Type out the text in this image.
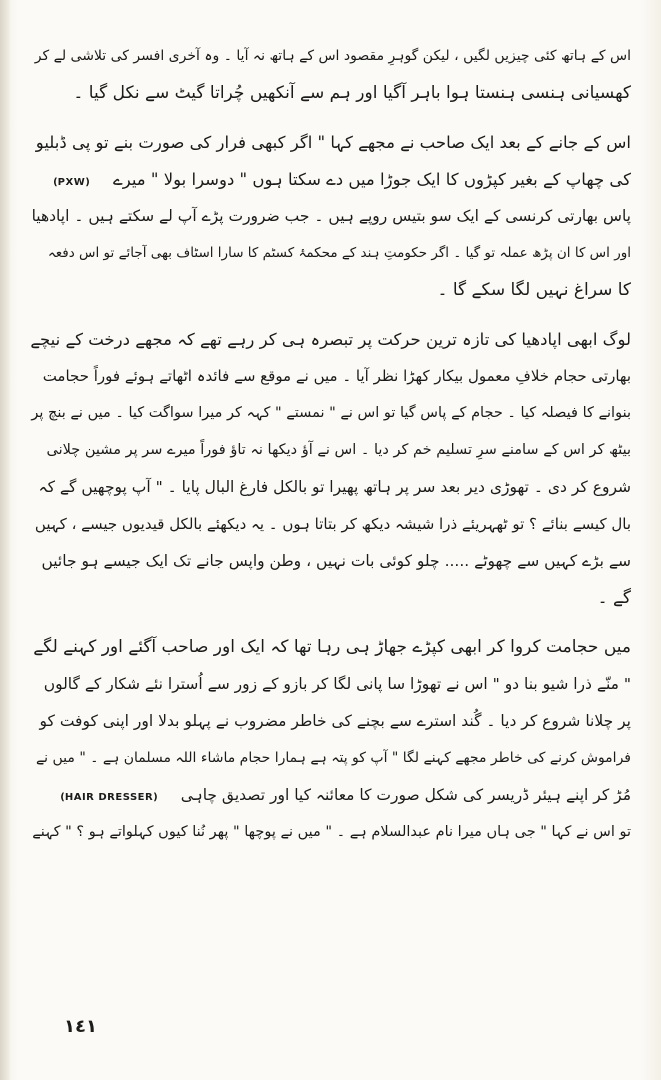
اس کے ہاتھ کئی چیزیں لگیں ، لیکن گوہرِ مقصود اس کے ہاتھ نہ آیا ۔ وہ آخری افسر کی تلاشی لے کر
کھسیانی ہنسی ہنستا ہوا باہر آگیا اور ہم سے آنکھیں چُراتا گیٹ سے نکل گیا ۔
اس کے جانے کے بعد ایک صاحب نے مجھے کہا " اگر کبھی فرار کی صورت بنے تو پی ڈبلیو
کی چھاپ کے بغیر کپڑوں کا ایک جوڑا میں دے سکتا ہوں " دوسرا بولا " میرے (PXW)
پاس بھارتی کرنسی کے ایک سو بتیس روپے ہیں ۔ جب ضرورت پڑے آپ لے سکتے ہیں ۔ اپادھیا
اور اس کا ان پڑھ عملہ تو گیا ۔ اگر حکومتِ ہند کے محکمۂ کسٹم کا سارا اسٹاف بھی آجائے تو اس دفعہ
کا سراغ نہیں لگا سکے گا ۔
لوگ ابھی اپادھیا کی تازہ ترین حرکت پر تبصرہ ہی کر رہے تھے کہ مجھے درخت کے نیچے
بھارتی حجام خلافِ معمول بیکار کھڑا نظر آیا ۔ میں نے موقع سے فائدہ اٹھاتے ہوئے فوراً حجامت
بنوانے کا فیصلہ کیا ۔ حجام کے پاس گیا تو اس نے " نمستے " کہہ کر میرا سواگت کیا ۔ میں نے بنچ پر
بیٹھ کر اس کے سامنے سرِ تسلیم خم کر دیا ۔ اس نے آؤ دیکھا نہ تاؤ فوراً میرے سر پر مشین چلانی
شروع کر دی ۔ تھوڑی دیر بعد سر پر ہاتھ پھیرا تو بالکل فارغ البال پایا ۔ " آپ پوچھیں گے کہ
بال کیسے بنائے ؟ تو ٹھہریئے ذرا شیشہ دیکھ کر بتاتا ہوں ۔ یہ دیکھئے بالکل قیدیوں جیسے ، کہیں
سے بڑے کہیں سے چھوٹے ..... چلو کوئی بات نہیں ، وطن واپس جانے تک ایک جیسے ہو جائیں
گے ۔
میں حجامت کروا کر ابھی کپڑے جھاڑ ہی رہا تھا کہ ایک اور صاحب آگئے اور کہنے لگے
" منّے ذرا شیو بنا دو " اس نے تھوڑا سا پانی لگا کر بازو کے زور سے اُسترا نئے شکار کے گالوں
پر چلانا شروع کر دیا ۔ گُند استرے سے بچنے کی خاطر مضروب نے پہلو بدلا اور اپنی کوفت کو
فراموش کرنے کی خاطر مجھے کہنے لگا " آپ کو پتہ ہے ہمارا حجام ماشاء اللہ مسلمان ہے ۔ " میں نے
مُڑ کر اپنے ہیئر ڈریسر کی شکل صورت کا معائنہ کیا اور تصدیق چاہی (HAIR DRESSER)
تو اس نے کہا " جی ہاں میرا نام عبدالسلام ہے ۔ " میں نے پوچھا " پھر نُنا کیوں کہلواتے ہو ؟ " کہنے
١٤١
